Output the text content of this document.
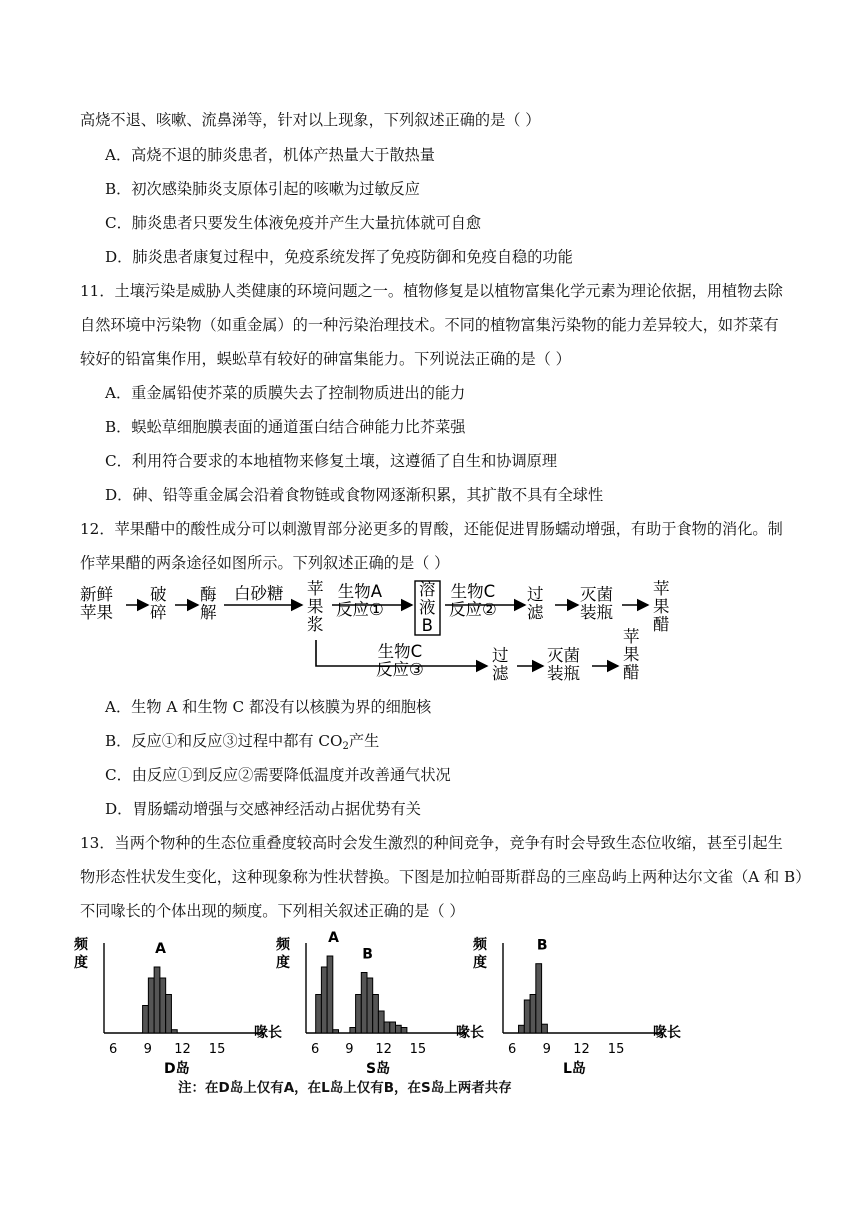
高烧不退、咳嗽、流鼻涕等，针对以上现象，下列叙述正确的是（ ）
A．高烧不退的肺炎患者，机体产热量大于散热量
B．初次感染肺炎支原体引起的咳嗽为过敏反应
C．肺炎患者只要发生体液免疫并产生大量抗体就可自愈
D．肺炎患者康复过程中，免疫系统发挥了免疫防御和免疫自稳的功能
11．土壤污染是威胁人类健康的环境问题之一。植物修复是以植物富集化学元素为理论依据，用植物去除
自然环境中污染物（如重金属）的一种污染治理技术。不同的植物富集污染物的能力差异较大，如芥菜有
较好的铅富集作用，蜈蚣草有较好的砷富集能力。下列说法正确的是（ ）
A．重金属铅使芥菜的质膜失去了控制物质进出的能力
B．蜈蚣草细胞膜表面的通道蛋白结合砷能力比芥菜强
C．利用符合要求的本地植物来修复土壤，这遵循了自生和协调原理
D．砷、铅等重金属会沿着食物链或食物网逐渐积累，其扩散不具有全球性
12．苹果醋中的酸性成分可以刺激胃部分泌更多的胃酸，还能促进胃肠蠕动增强，有助于食物的消化。制
作苹果醋的两条途径如图所示。下列叙述正确的是（ ）
新鲜
苹果
破
碎
酶
解
白砂糖 苹
果
浆
生物A
反应①
溶
液
B
生物C
反应②
过
滤
灭菌
装瓶
苹
果
醋
生物C
反应③
过
滤
灭菌
装瓶
苹
果
醋
A．生物 A 和生物 C 都没有以核膜为界的细胞核
B．反应①和反应③过程中都有 $CO_2$产生
C．由反应①到反应②需要降低温度并改善通气状况
D．胃肠蠕动增强与交感神经活动占据优势有关
13．当两个物种的生态位重叠度较高时会发生激烈的种间竞争，竞争有时会导致生态位收缩，甚至引起生
物形态性状发生变化，这种现象称为性状替换。下图是加拉帕哥斯群岛的三座岛屿上两种达尔文雀（A 和 B）
不同喙长的个体出现的频度。下列相关叙述正确的是（ ）
频
度
喙长
6 9 12 15
A
D岛
频
度
喙长
6 9 12 15
A
B
S岛
频
度
喙长
6 9 12 15
B
L岛
注：在D岛上仅有A，在L岛上仅有B，在S岛上两者共存
